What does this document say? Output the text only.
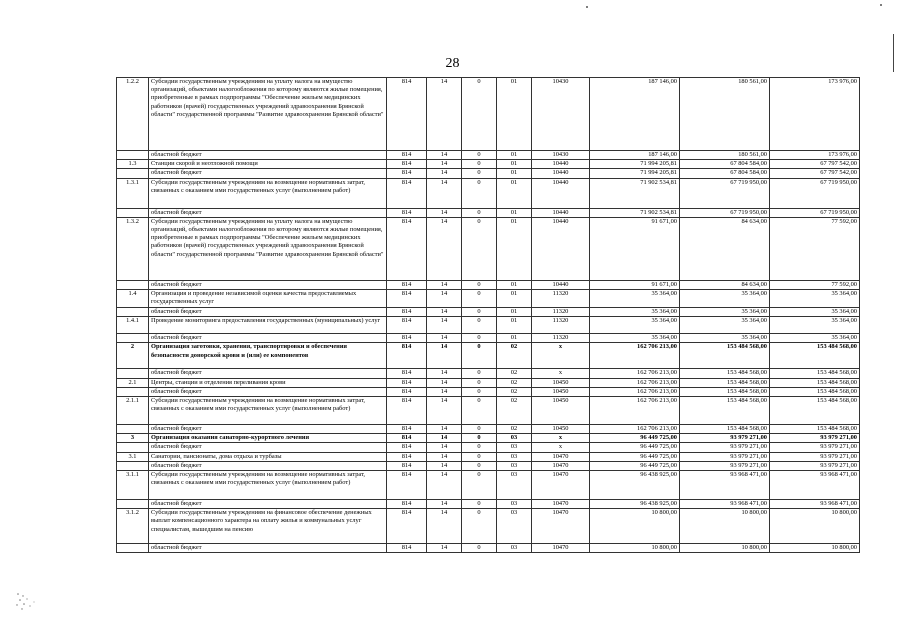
28
1.2.2	Субсидии государственным учреждениям на уплату налога на имущество организаций, объектами налогообложения по которому являются жилые помещения, приобретенные в рамках подпрограммы "Обеспечение жильем медицинских работников (врачей) государственных учреждений здравоохранения Брянской области" государственной программы "Развитие здравоохранения Брянской области"	814	14	0	01	10430	187 146,00	180 561,00	173 976,00
	областной бюджет	814	14	0	01	10430	187 146,00	180 561,00	173 976,00
1.3	Станции скорой и неотложной помощи	814	14	0	01	10440	71 994 205,81	67 804 584,00	67 797 542,00
	областной бюджет	814	14	0	01	10440	71 994 205,81	67 804 584,00	67 797 542,00
1.3.1	Субсидии государственным учреждениям на возмещение нормативных затрат, связанных с оказанием ими государственных услуг (выполнением работ)	814	14	0	01	10440	71 902 534,81	67 719 950,00	67 719 950,00
	областной бюджет	814	14	0	01	10440	71 902 534,81	67 719 950,00	67 719 950,00
1.3.2	Субсидии государственным учреждениям на уплату налога на имущество организаций, объектами налогообложения по которому являются жилые помещения, приобретенные в рамках подпрограммы "Обеспечение жильем медицинских работников (врачей) государственных учреждений здравоохранения Брянской области" государственной программы "Развитие здравоохранения Брянской области"	814	14	0	01	10440	91 671,00	84 634,00	77 592,00
	областной бюджет	814	14	0	01	10440	91 671,00	84 634,00	77 592,00
1.4	Организация и проведение независимой оценки качества предоставляемых государственных услуг	814	14	0	01	11320	35 364,00	35 364,00	35 364,00
	областной бюджет	814	14	0	01	11320	35 364,00	35 364,00	35 364,00
1.4.1	Проведение мониторинга предоставления государственных (муниципальных) услуг	814	14	0	01	11320	35 364,00	35 364,00	35 364,00
	областной бюджет	814	14	0	01	11320	35 364,00	35 364,00	35 364,00
2	Организация заготовки, хранения, транспортировки и обеспечения безопасности донорской крови и (или) ее компонентов	814	14	0	02	x	162 706 213,00	153 484 568,00	153 484 568,00
	областной бюджет	814	14	0	02	x	162 706 213,00	153 484 568,00	153 484 568,00
2.1	Центры, станции и отделения переливания крови	814	14	0	02	10450	162 706 213,00	153 484 568,00	153 484 568,00
	областной бюджет	814	14	0	02	10450	162 706 213,00	153 484 568,00	153 484 568,00
2.1.1	Субсидии государственным учреждениям на возмещение нормативных затрат, связанных с оказанием ими государственных услуг (выполнением работ)	814	14	0	02	10450	162 706 213,00	153 484 568,00	153 484 568,00
	областной бюджет	814	14	0	02	10450	162 706 213,00	153 484 568,00	153 484 568,00
3	Организация оказания санаторно-курортного лечения	814	14	0	03	x	96 449 725,00	93 979 271,00	93 979 271,00
	областной бюджет	814	14	0	03	x	96 449 725,00	93 979 271,00	93 979 271,00
3.1	Санатории, пансионаты, дома отдыха и турбазы	814	14	0	03	10470	96 449 725,00	93 979 271,00	93 979 271,00
	областной бюджет	814	14	0	03	10470	96 449 725,00	93 979 271,00	93 979 271,00
3.1.1	Субсидии государственным учреждениям на возмещение нормативных затрат, связанных с оказанием ими государственных услуг (выполнением работ)	814	14	0	03	10470	96 438 925,00	93 968 471,00	93 968 471,00
	областной бюджет	814	14	0	03	10470	96 438 925,00	93 968 471,00	93 968 471,00
3.1.2	Субсидии государственным учреждениям на финансовое обеспечение денежных выплат компенсационного характера на оплату жилья и коммунальных услуг специалистам, вышедшим на пенсию	814	14	0	03	10470	10 800,00	10 800,00	10 800,00
	областной бюджет	814	14	0	03	10470	10 800,00	10 800,00	10 800,00
